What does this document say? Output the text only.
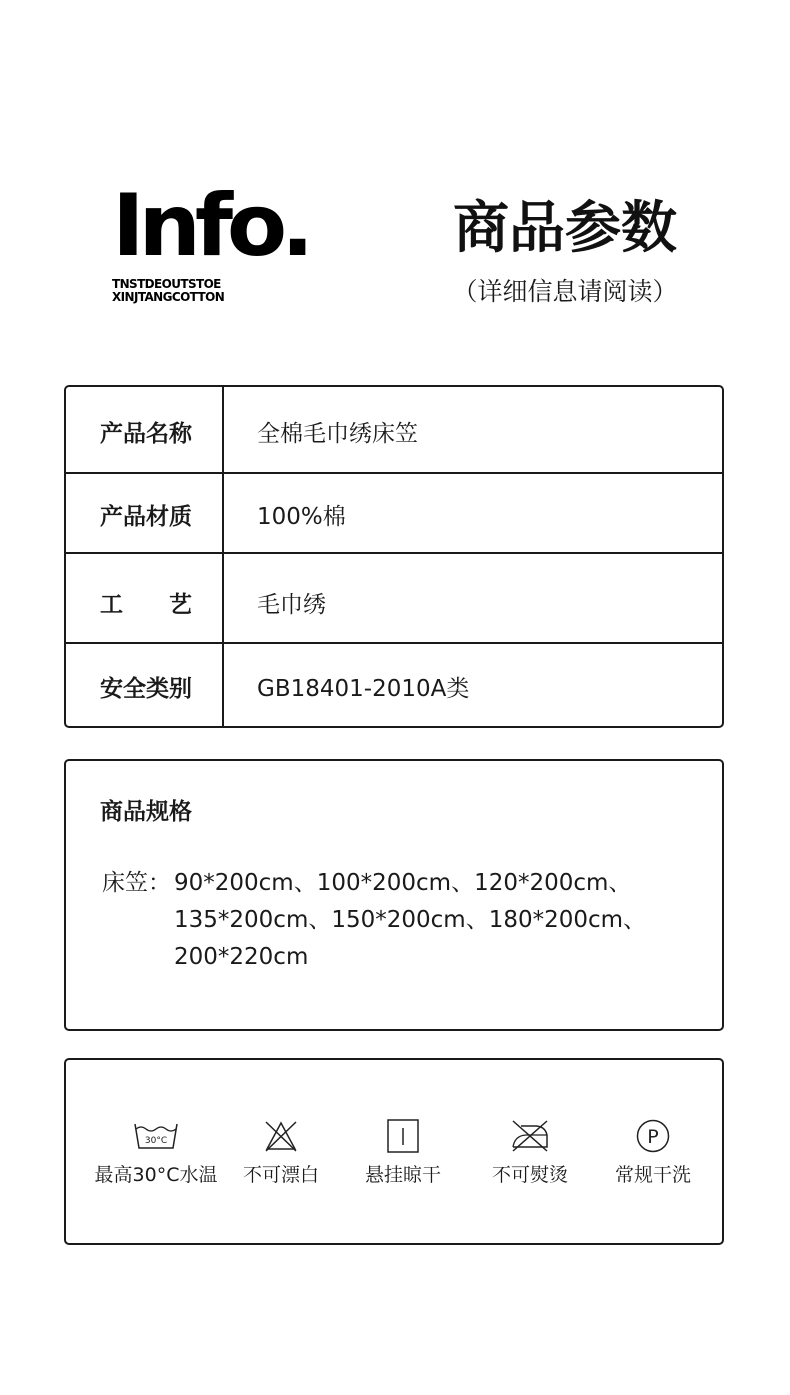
Info.
TNSTDEOUTSTOE
XINJTANGCOTTON
商品参数
（详细信息请阅读）
产品名称	全棉毛巾绣床笠
产品材质	100%棉
工　　艺	毛巾绣
安全类别	GB18401-2010A类
商品规格
床笠： 90*200cm、100*200cm、120*200cm、
135*200cm、150*200cm、180*200cm、
200*220cm
30°C
最高30°C水温	不可漂白	悬挂晾干	不可熨烫
P
常规干洗
